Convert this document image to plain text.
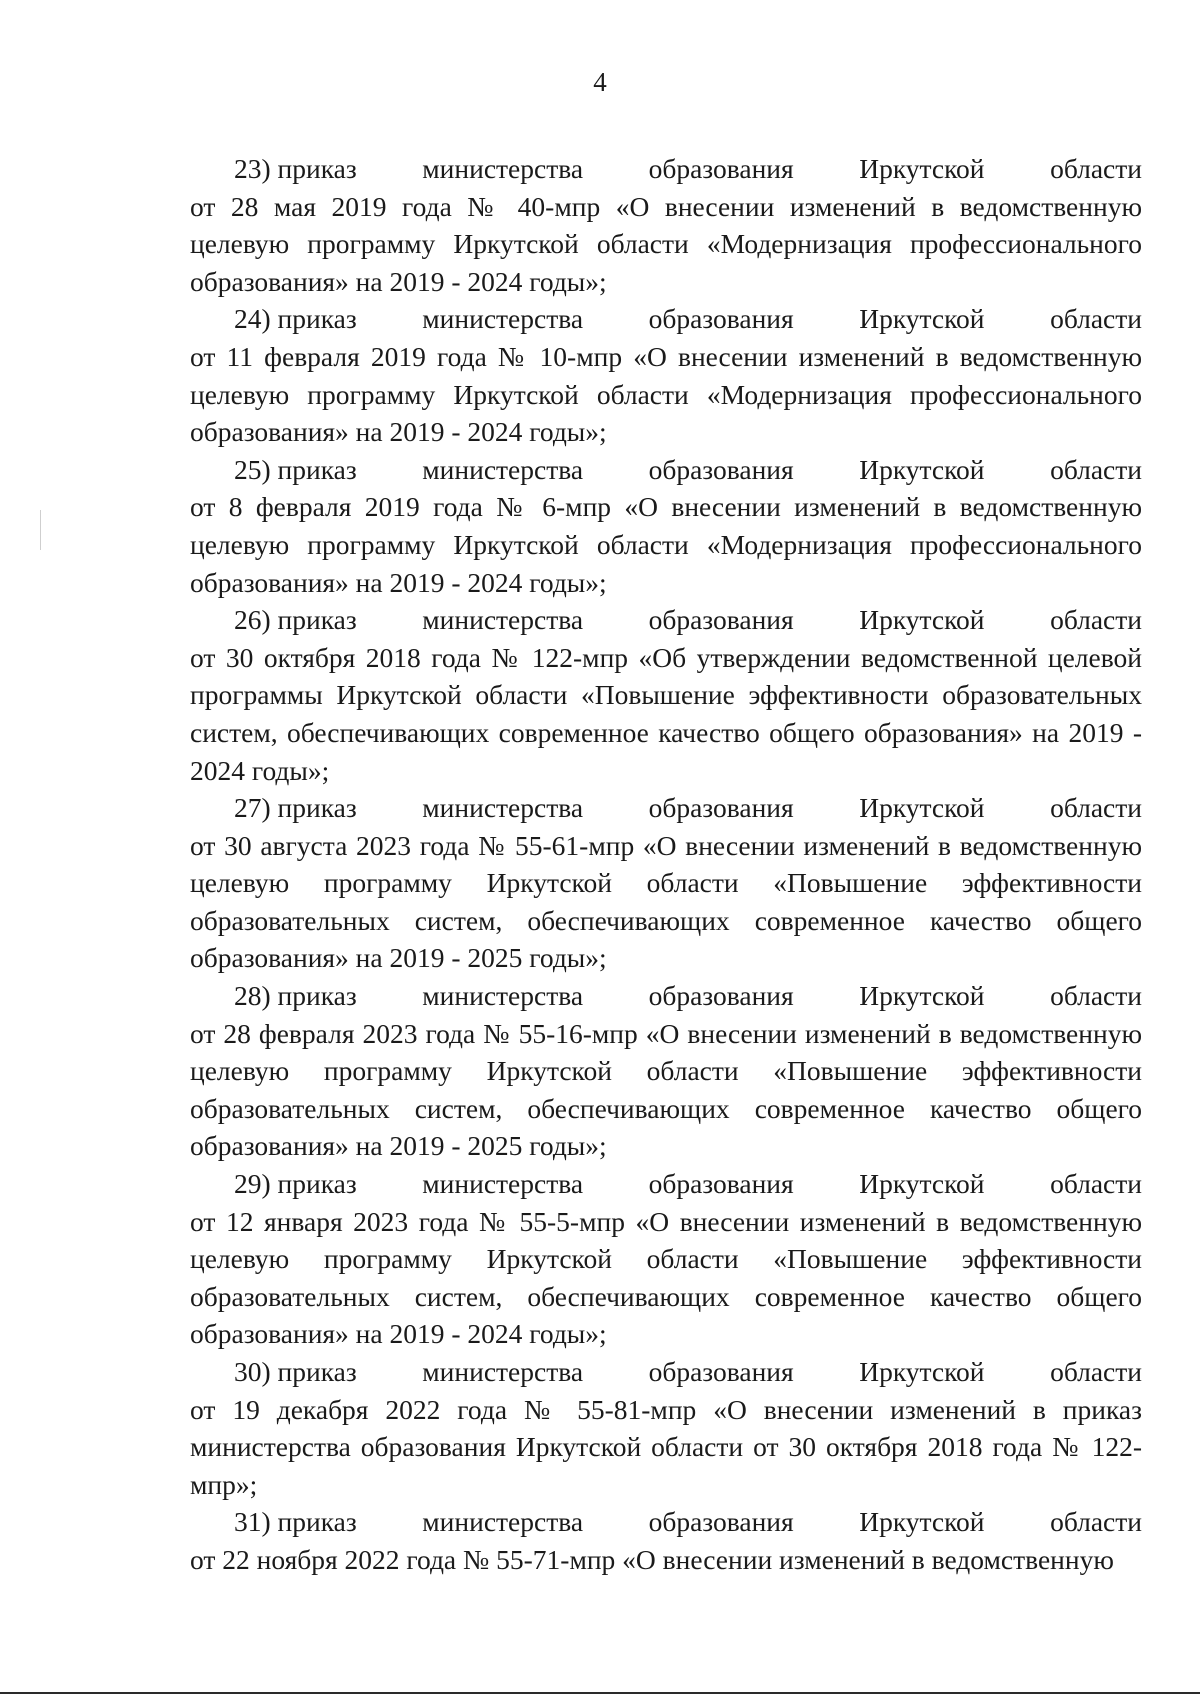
4
23) приказ министерства образования Иркутской области
от 28 мая 2019 года № 40-мпр «О внесении изменений в ведомственную целевую программу Иркутской области «Модернизация профессионального образования» на 2019 - 2024 годы»;
24) приказ министерства образования Иркутской области
от 11 февраля 2019 года № 10-мпр «О внесении изменений в ведомственную целевую программу Иркутской области «Модернизация профессионального образования» на 2019 - 2024 годы»;
25) приказ министерства образования Иркутской области
от 8 февраля 2019 года № 6-мпр «О внесении изменений в ведомственную целевую программу Иркутской области «Модернизация профессионального образования» на 2019 - 2024 годы»;
26) приказ министерства образования Иркутской области
от 30 октября 2018 года № 122-мпр «Об утверждении ведомственной целевой программы Иркутской области «Повышение эффективности образовательных систем, обеспечивающих современное качество общего образования» на 2019 - 2024 годы»;
27) приказ министерства образования Иркутской области
от 30 августа 2023 года № 55-61-мпр «О внесении изменений в ведомственную целевую программу Иркутской области «Повышение эффективности образовательных систем, обеспечивающих современное качество общего образования» на 2019 - 2025 годы»;
28) приказ министерства образования Иркутской области
от 28 февраля 2023 года № 55-16-мпр «О внесении изменений в ведомственную целевую программу Иркутской области «Повышение эффективности образовательных систем, обеспечивающих современное качество общего образования» на 2019 - 2025 годы»;
29) приказ министерства образования Иркутской области
от 12 января 2023 года № 55-5-мпр «О внесении изменений в ведомственную целевую программу Иркутской области «Повышение эффективности образовательных систем, обеспечивающих современное качество общего образования» на 2019 - 2024 годы»;
30) приказ министерства образования Иркутской области
от 19 декабря 2022 года № 55-81-мпр «О внесении изменений в приказ министерства образования Иркутской области от 30 октября 2018 года № 122-мпр»;
31) приказ министерства образования Иркутской области
от 22 ноября 2022 года № 55-71-мпр «О внесении изменений в ведомственную
